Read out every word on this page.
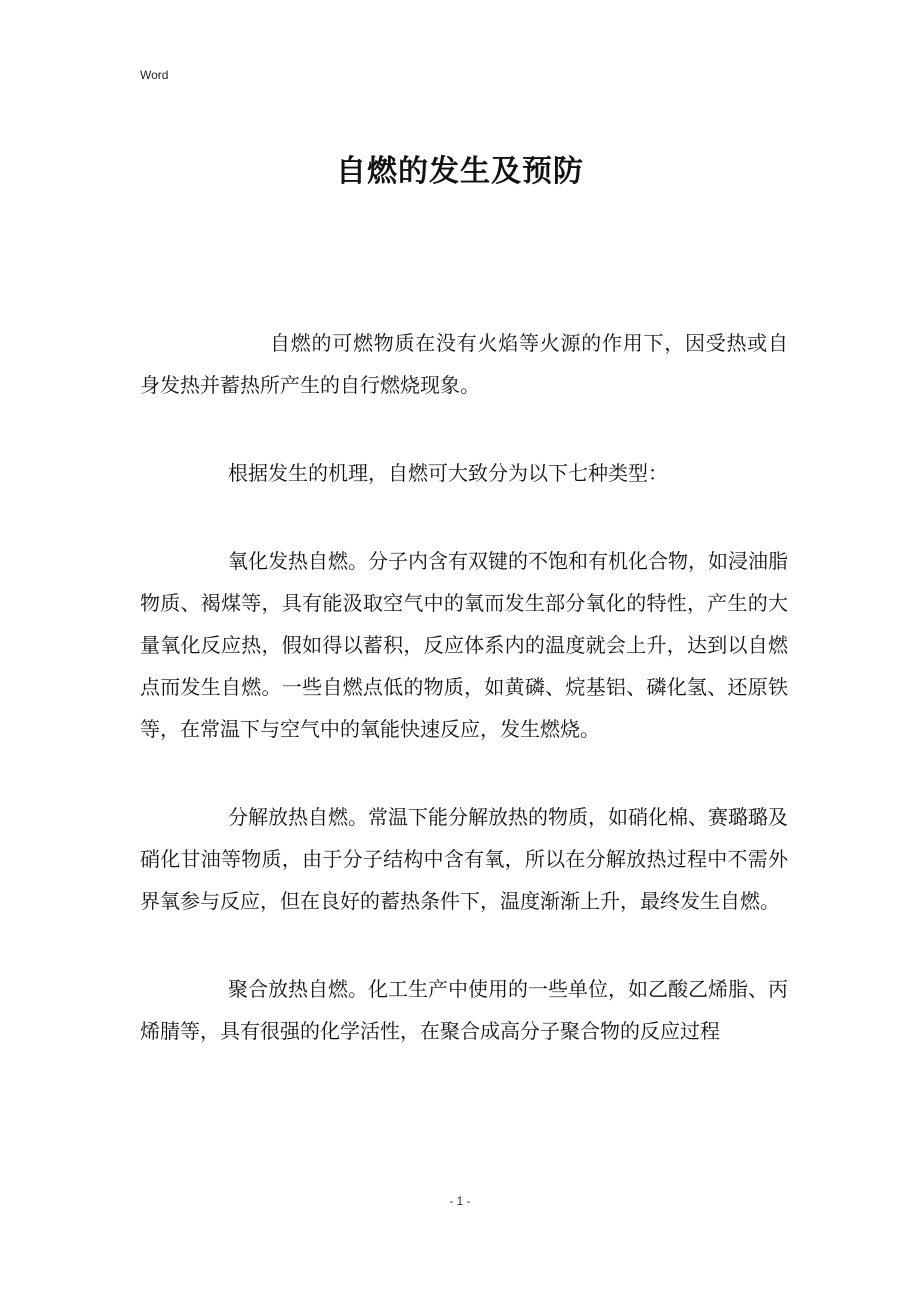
Word
自燃的发生及预防

自燃的可燃物质在没有火焰等火源的作用下，因受热或自身发热并蓄热所产生的自行燃烧现象。

根据发生的机理，自燃可大致分为以下七种类型：

氧化发热自燃。分子内含有双键的不饱和有机化合物，如浸油脂物质、褐煤等，具有能汲取空气中的氧而发生部分氧化的特性，产生的大量氧化反应热，假如得以蓄积，反应体系内的温度就会上升，达到以自燃点而发生自燃。一些自燃点低的物质，如黄磷、烷基铝、磷化氢、还原铁等，在常温下与空气中的氧能快速反应，发生燃烧。

分解放热自燃。常温下能分解放热的物质，如硝化棉、赛璐璐及硝化甘油等物质，由于分子结构中含有氧，所以在分解放热过程中不需外界氧参与反应，但在良好的蓄热条件下，温度渐渐上升，最终发生自燃。

聚合放热自燃。化工生产中使用的一些单位，如乙酸乙烯脂、丙烯腈等，具有很强的化学活性，在聚合成高分子聚合物的反应过程

- 1 -
